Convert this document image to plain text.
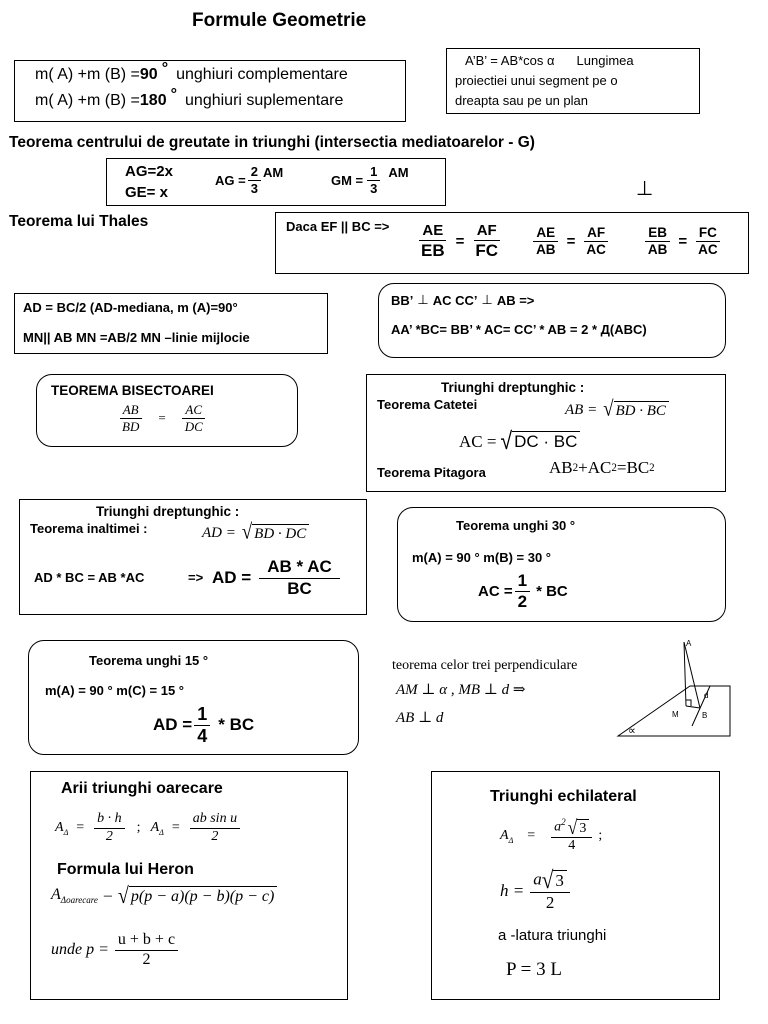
Formule Geometrie
m( A) +m (B) = 90 ° unghiuri complementare
m( A) +m (B) = 180 ° unghiuri suplementare
A’B’ = AB*cos α Lungimea
proiectiei unui segment pe o
dreapta sau pe un plan
Teorema centrului de greutate in triunghi (intersectia mediatoarelor - G)
AG=2x
GE= x
AG = $\frac{2}{3}$ AM
GM = $\frac{1}{3}$ AM
⊥
Teorema lui Thales	Daca EF || BC => $\frac{AE}{EB} = \frac{AF}{FC} \frac{AE}{AB} = \frac{AF}{AC}$	$\frac{EB}{AB} = \frac{FC}{AC}$
AD = BC/2 (AD-mediana, m (A)=90°
MN|| AB MN =AB/2 MN –linie mijlocie
BB’ ⊥ AC CC’ ⊥ AB =>
AA’ *BC= BB’ * AC= CC’ * AB = 2 * Д(ABC)
TEOREMA BISECTOAREI
$\frac{AB}{BD} = \frac{AC}{DC}$
Triunghi dreptunghic :
Teorema Catetei	AB = √ BD · BC
AC = √ DC · BC
Teorema Pitagora	AB 2 +AC 2 =BC 2
Triunghi dreptunghic :
Teorema inaltimei :	AD = √ BD · DC
AD * BC = AB *AC	=> AD = $\frac{AB * AC}{BC}$
Teorema unghi 30 °
m(A) = 90 ° m(B) = 30 °
AC = $\frac{1}{2}$ * BC
Teorema unghi 15 °
m(A) = 90 ° m(C) = 15 °
AD = $\frac{1}{4}$ * BC
teorema celor trei perpendiculare
AM ⊥ α , MB ⊥ d ⇒
AB ⊥ d
A
d
M	B
∝
Arii triunghi oarecare
$A_\Delta = \frac{b \cdot h}{2}$ ; $A_\Delta = \frac{\text{ab sin u}}{2}$
Formula lui Heron
$A_{\Delta oarecare}$ – √ p(p − a)(p − b)(p − c)
unde $p = \frac{u + b + c}{2}$
Triunghi echilateral
$A_\Delta = \frac{a^2 √ 3}{4}$ ;
$h = \frac{a √ 3}{2}$
a -latura triunghi
P = 3 L
